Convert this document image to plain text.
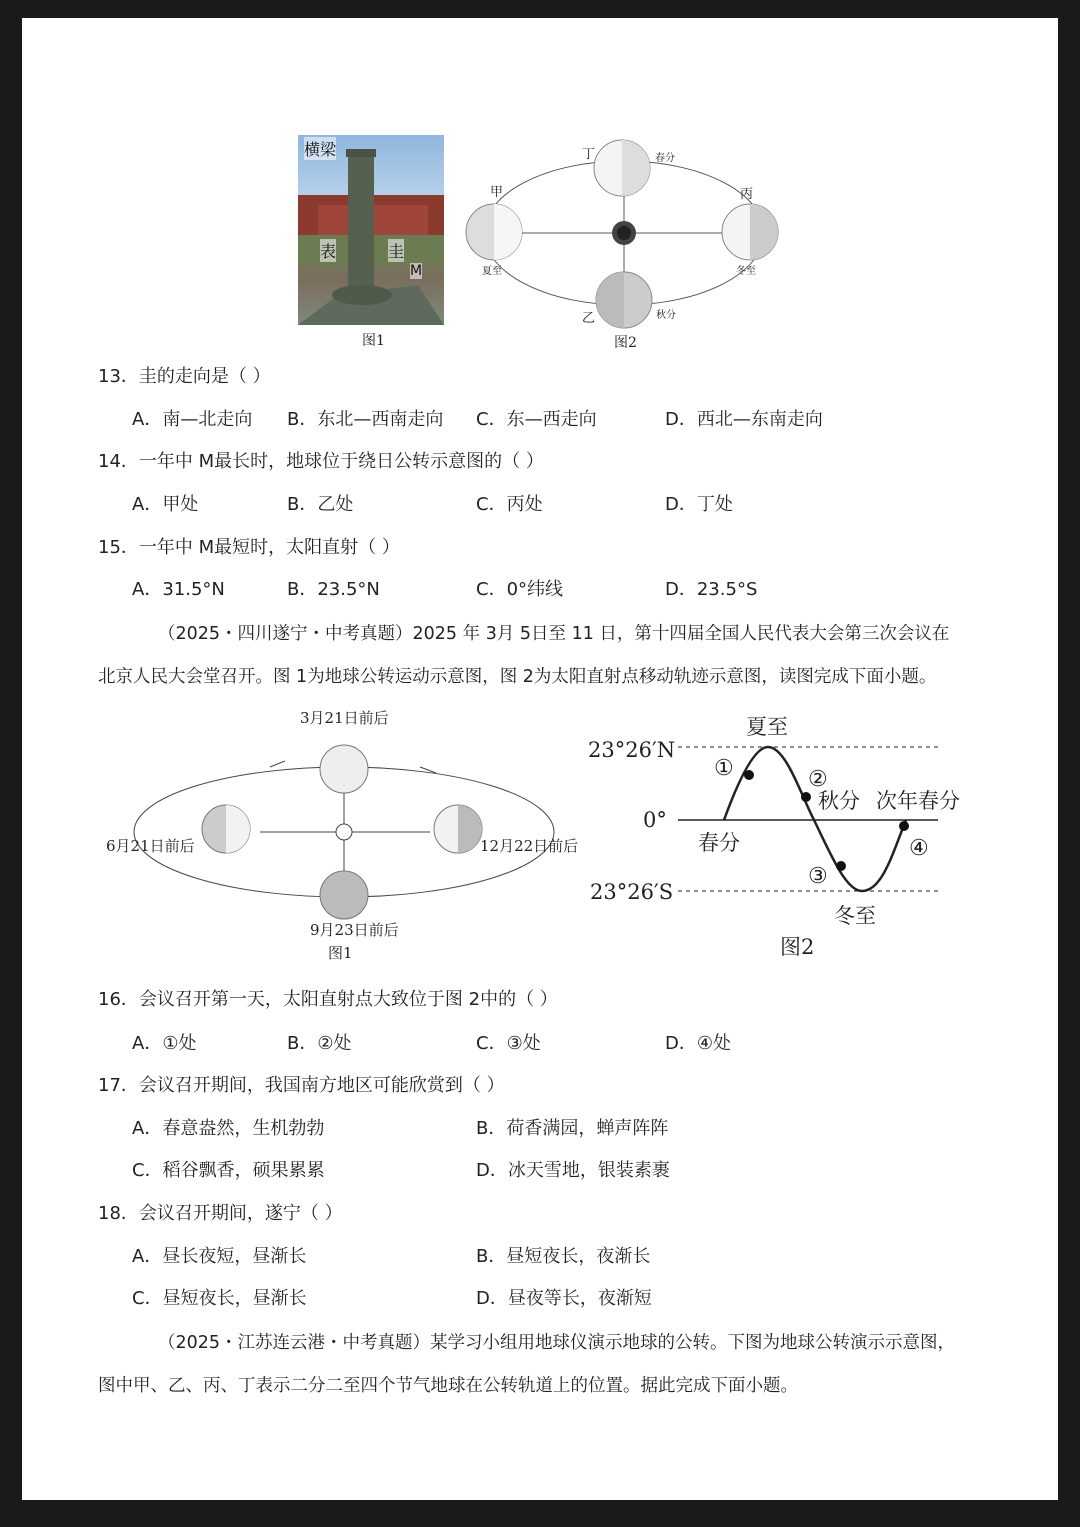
横梁
表	圭
M
图1
丁	春分
甲
夏至
丙
冬至
乙	秋分
图2
13．圭的走向是（ ）
A．南—北走向 B．东北—西南走向 C．东—西走向	D．西北—东南走向
14．一年中 M最长时，地球位于绕日公转示意图的（ ）
A．甲处	B．乙处	C．丙处	D．丁处
15．一年中 M最短时，太阳直射（ ）
A．31.5°N	B．23.5°N	C．0°纬线	D．23.5°S
（2025・四川遂宁・中考真题）2025 年 3月 5日至 11 日，第十四届全国人民代表大会第三次会议在
北京人民大会堂召开。图 1为地球公转运动示意图，图 2为太阳直射点移动轨迹示意图，读图完成下面小题。
3月21日前后
6月21日前后	12月22日前后
9月23日前后
图1
23°26′N
0°
23°26′S
夏至
秋分 次年春分
春分
冬至
①	②
③
④
图2
16．会议召开第一天，太阳直射点大致位于图 2中的（ ）
A．①处	B．②处	C．③处	D．④处
17．会议召开期间，我国南方地区可能欣赏到（ ）
A．春意盎然，生机勃勃	B．荷香满园，蝉声阵阵
C．稻谷飘香，硕果累累	D．冰天雪地，银装素裹
18．会议召开期间，遂宁（ ）
A．昼长夜短，昼渐长	B．昼短夜长，夜渐长
C．昼短夜长，昼渐长	D．昼夜等长，夜渐短
（2025・江苏连云港・中考真题）某学习小组用地球仪演示地球的公转。下图为地球公转演示示意图，
图中甲、乙、丙、丁表示二分二至四个节气地球在公转轨道上的位置。据此完成下面小题。
